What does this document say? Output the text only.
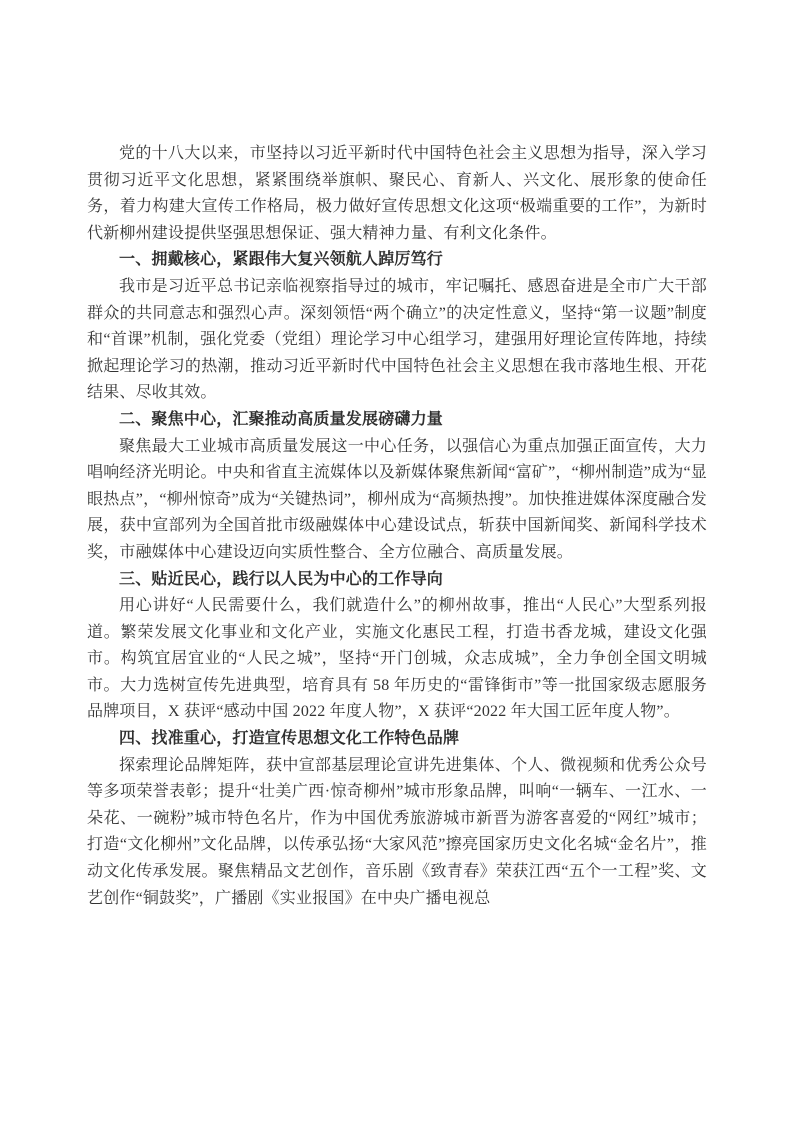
党的十八大以来，市坚持以习近平新时代中国特色社会主义思想为指导，深入学习贯彻习近平文化思想，紧紧围绕举旗帜、聚民心、育新人、兴文化、展形象的使命任务，着力构建大宣传工作格局，极力做好宣传思想文化这项“极端重要的工作”，为新时代新柳州建设提供坚强思想保证、强大精神力量、有利文化条件。

一、拥戴核心，紧跟伟大复兴领航人踔厉笃行

我市是习近平总书记亲临视察指导过的城市，牢记嘱托、感恩奋进是全市广大干部群众的共同意志和强烈心声。深刻领悟“两个确立”的决定性意义，坚持“第一议题”制度和“首课”机制，强化党委（党组）理论学习中心组学习，建强用好理论宣传阵地，持续掀起理论学习的热潮，推动习近平新时代中国特色社会主义思想在我市落地生根、开花结果、尽收其效。

二、聚焦中心，汇聚推动高质量发展磅礴力量

聚焦最大工业城市高质量发展这一中心任务，以强信心为重点加强正面宣传，大力唱响经济光明论。中央和省直主流媒体以及新媒体聚焦新闻“富矿”，“柳州制造”成为“显眼热点”，“柳州惊奇”成为“关键热词”，柳州成为“高频热搜”。加快推进媒体深度融合发展，获中宣部列为全国首批市级融媒体中心建设试点，斩获中国新闻奖、新闻科学技术奖，市融媒体中心建设迈向实质性整合、全方位融合、高质量发展。

三、贴近民心，践行以人民为中心的工作导向

用心讲好“人民需要什么，我们就造什么”的柳州故事，推出“人民心”大型系列报道。繁荣发展文化事业和文化产业，实施文化惠民工程，打造书香龙城，建设文化强市。构筑宜居宜业的“人民之城”，坚持“开门创城，众志成城”，全力争创全国文明城市。大力选树宣传先进典型，培育具有 58 年历史的“雷锋街市”等一批国家级志愿服务品牌项目，X 获评“感动中国 2022 年度人物”，X 获评“2022 年大国工匠年度人物”。

四、找准重心，打造宣传思想文化工作特色品牌

探索理论品牌矩阵，获中宣部基层理论宣讲先进集体、个人、微视频和优秀公众号等多项荣誉表彰；提升“壮美广西·惊奇柳州”城市形象品牌，叫响“一辆车、一江水、一朵花、一碗粉”城市特色名片，作为中国优秀旅游城市新晋为游客喜爱的“网红”城市；打造“文化柳州”文化品牌，以传承弘扬“大家风范”擦亮国家历史文化名城“金名片”，推动文化传承发展。聚焦精品文艺创作，音乐剧《致青春》荣获江西“五个一工程”奖、文艺创作“铜鼓奖”，广播剧《实业报国》在中央广播电视总
